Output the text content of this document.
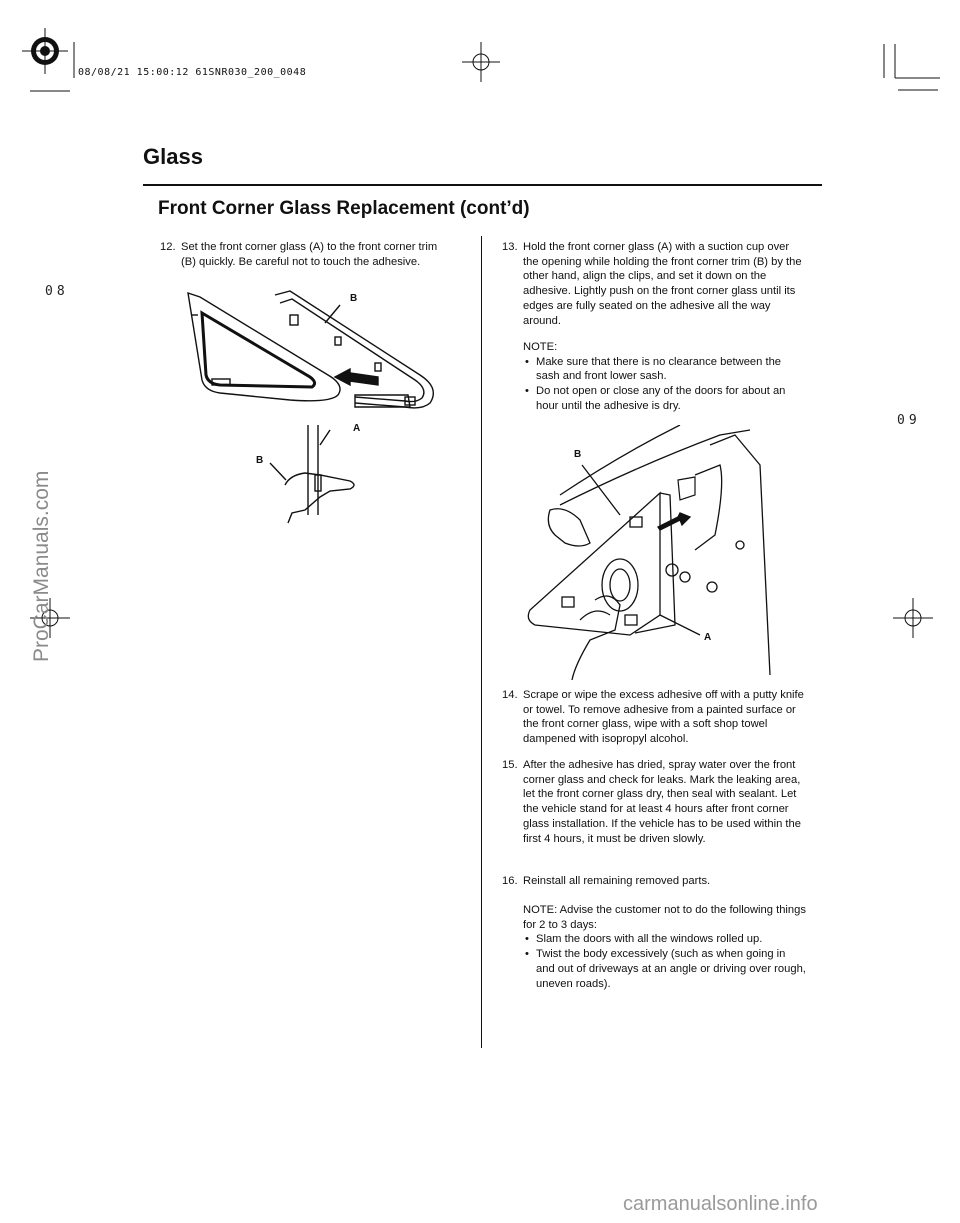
08/08/21 15:00:12 61SNR030_200_0048
Glass
Front Corner Glass Replacement (cont’d)
08
09
ProCarManuals.com
carmanualsonline.info
12. Set the front corner glass (A) to the front corner trim (B) quickly. Be careful not to touch the adhesive.
B
A
B
13. Hold the front corner glass (A) with a suction cup over the opening while holding the front corner trim (B) by the other hand, align the clips, and set it down on the adhesive. Lightly push on the front corner glass until its edges are fully seated on the adhesive all the way around.
NOTE:
• Make sure that there is no clearance between the sash and front lower sash.
• Do not open or close any of the doors for about an hour until the adhesive is dry.
B
A
14. Scrape or wipe the excess adhesive off with a putty knife or towel. To remove adhesive from a painted surface or the front corner glass, wipe with a soft shop towel dampened with isopropyl alcohol.
15. After the adhesive has dried, spray water over the front corner glass and check for leaks. Mark the leaking area, let the front corner glass dry, then seal with sealant. Let the vehicle stand for at least 4 hours after front corner glass installation. If the vehicle has to be used within the first 4 hours, it must be driven slowly.
16. Reinstall all remaining removed parts.
NOTE: Advise the customer not to do the following things for 2 to 3 days:
• Slam the doors with all the windows rolled up.
• Twist the body excessively (such as when going in and out of driveways at an angle or driving over rough, uneven roads).
